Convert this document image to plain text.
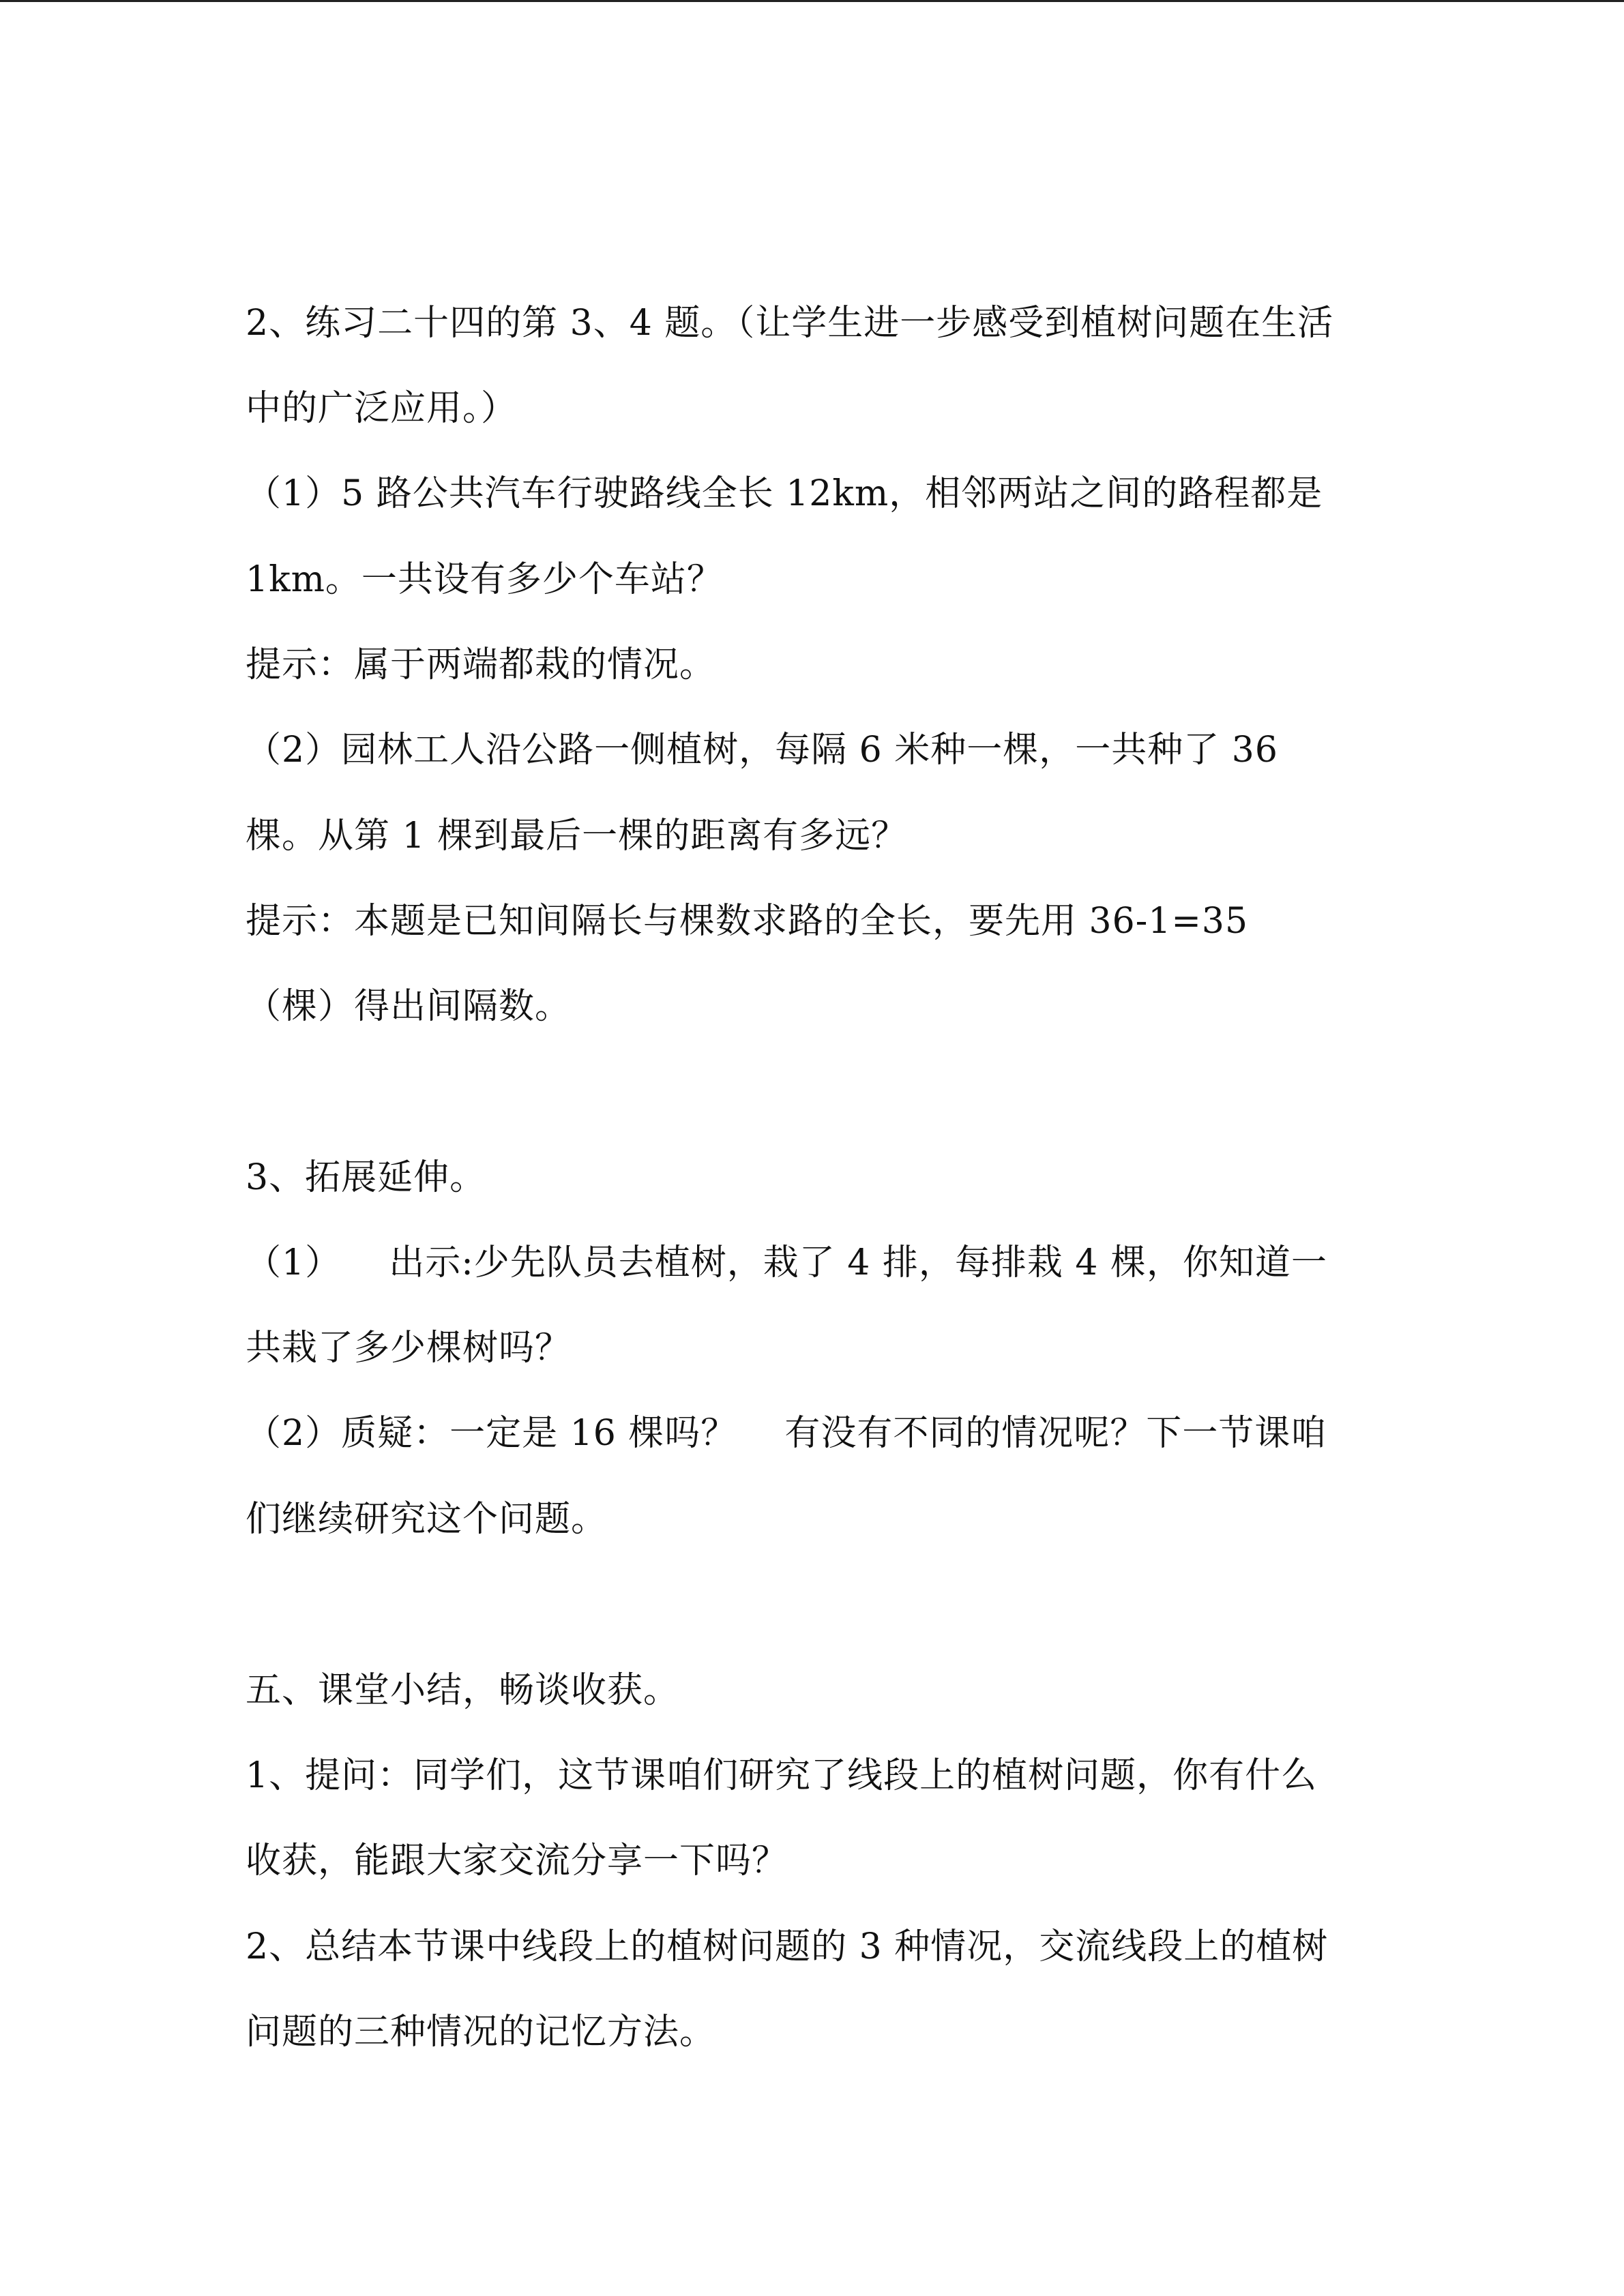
2、练习二十四的第 3、4 题。（让学生进一步感受到植树问题在生活
中的广泛应用。）
（1）5 路公共汽车行驶路线全长 12km，相邻两站之间的路程都是
1km。一共设有多少个车站？
提示：属于两端都栽的情况。
（2）园林工人沿公路一侧植树，每隔 6 米种一棵，一共种了 36
棵。从第 1 棵到最后一棵的距离有多远？
提示：本题是已知间隔长与棵数求路的全长，要先用 36-1=35
（棵）得出间隔数。
3、拓展延伸。
（1）    出示:少先队员去植树，栽了 4 排，每排栽 4 棵，你知道一
共栽了多少棵树吗？
（2）质疑：一定是 16 棵吗？    有没有不同的情况呢？下一节课咱
们继续研究这个问题。
五、课堂小结，畅谈收获。
1、提问：同学们，这节课咱们研究了线段上的植树问题，你有什么
收获，能跟大家交流分享一下吗？
2、总结本节课中线段上的植树问题的 3 种情况，交流线段上的植树
问题的三种情况的记忆方法。
